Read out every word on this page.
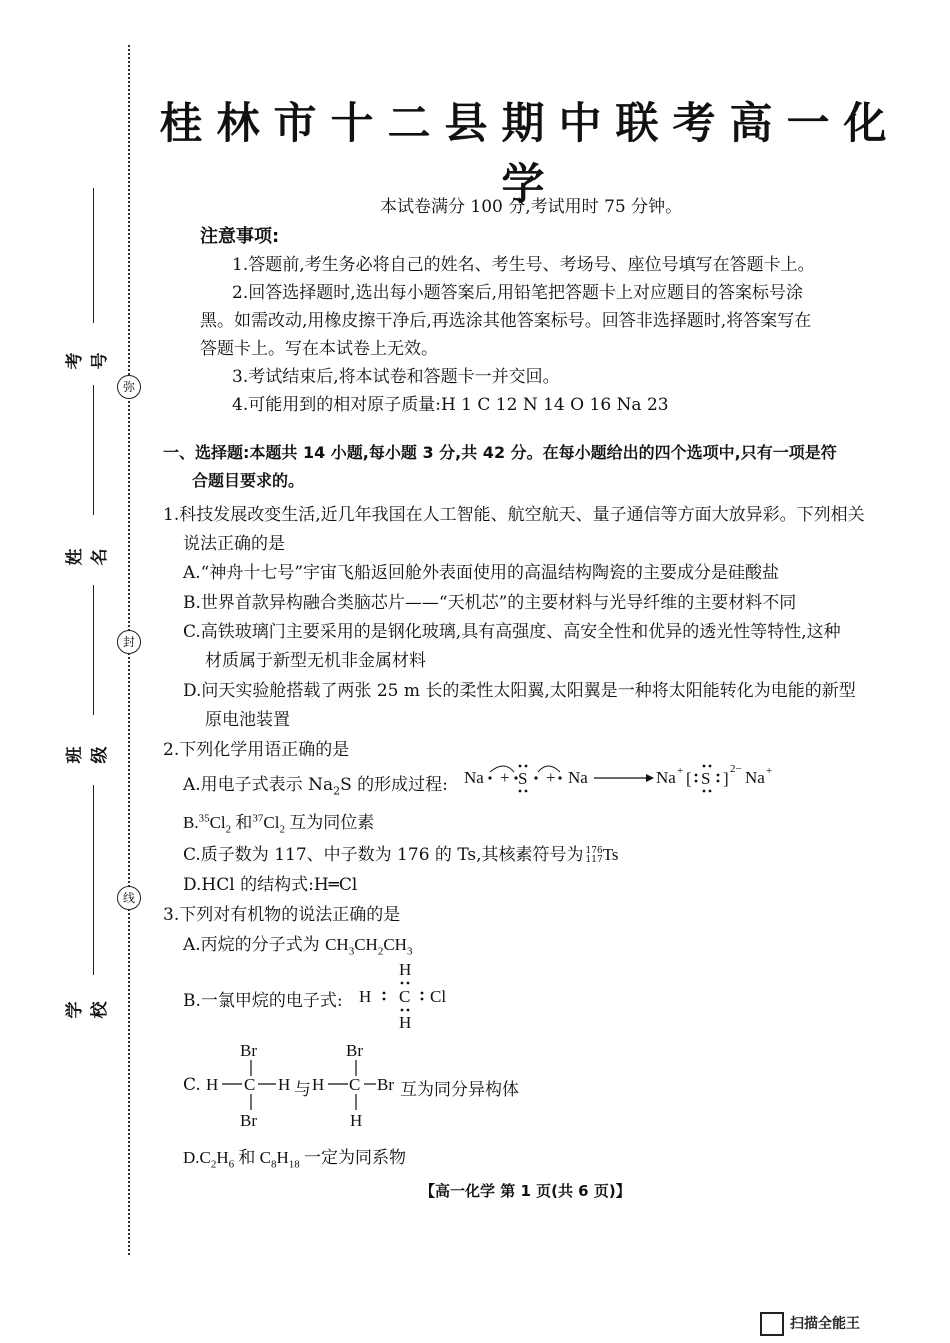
弥
封
线
考号
姓名
班级
学校
桂林市十二县期中联考高一化学
本试卷满分 100 分,考试用时 75 分钟。
注意事项:
1.答题前,考生务必将自己的姓名、考生号、考场号、座位号填写在答题卡上。
2.回答选择题时,选出每小题答案后,用铅笔把答题卡上对应题目的答案标号涂
黑。如需改动,用橡皮擦干净后,再选涂其他答案标号。回答非选择题时,将答案写在
答题卡上。写在本试卷上无效。
3.考试结束后,将本试卷和答题卡一并交回。
4.可能用到的相对原子质量:H 1 C 12 N 14 O 16 Na 23
一、选择题:本题共 14 小题,每小题 3 分,共 42 分。在每小题给出的四个选项中,只有一项是符
合题目要求的。
1.科技发展改变生活,近几年我国在人工智能、航空航天、量子通信等方面大放异彩。下列相关
说法正确的是
A.“神舟十七号”宇宙飞船返回舱外表面使用的高温结构陶瓷的主要成分是硅酸盐
B.世界首款异构融合类脑芯片——“天机芯”的主要材料与光导纤维的主要材料不同
C.高铁玻璃门主要采用的是钢化玻璃,具有高强度、高安全性和优异的透光性等特性,这种
材质属于新型无机非金属材料
D.问天实验舱搭载了两张 25 m 长的柔性太阳翼,太阳翼是一种将太阳能转化为电能的新型
原电池装置
2.下列化学用语正确的是
A.用电子式表示 $Na_2S$ 的形成过程: Na + S + Na	Na + [ S ] 2− Na +
$B.^{35}Cl_2$ 和$^{37}Cl_2$ 互为同位素
C.质子数为 117、中子数为 176 的 Ts,其核素符号为 176
117Ts
D.HCl 的结构式:H═Cl
3.下列对有机物的说法正确的是
A.丙烷的分子式为 $CH_3CH_2CH_3$
B.一氯甲烷的电子式:
H
H C Cl
H
C.
Br
H C H
Br
与
Br
H C Br
H
互为同分异构体
$D.C_2H_6$ 和 $C_8H_{18}$ 一定为同系物
【高一化学 第 1 页(共 6 页)】
扫描全能王
